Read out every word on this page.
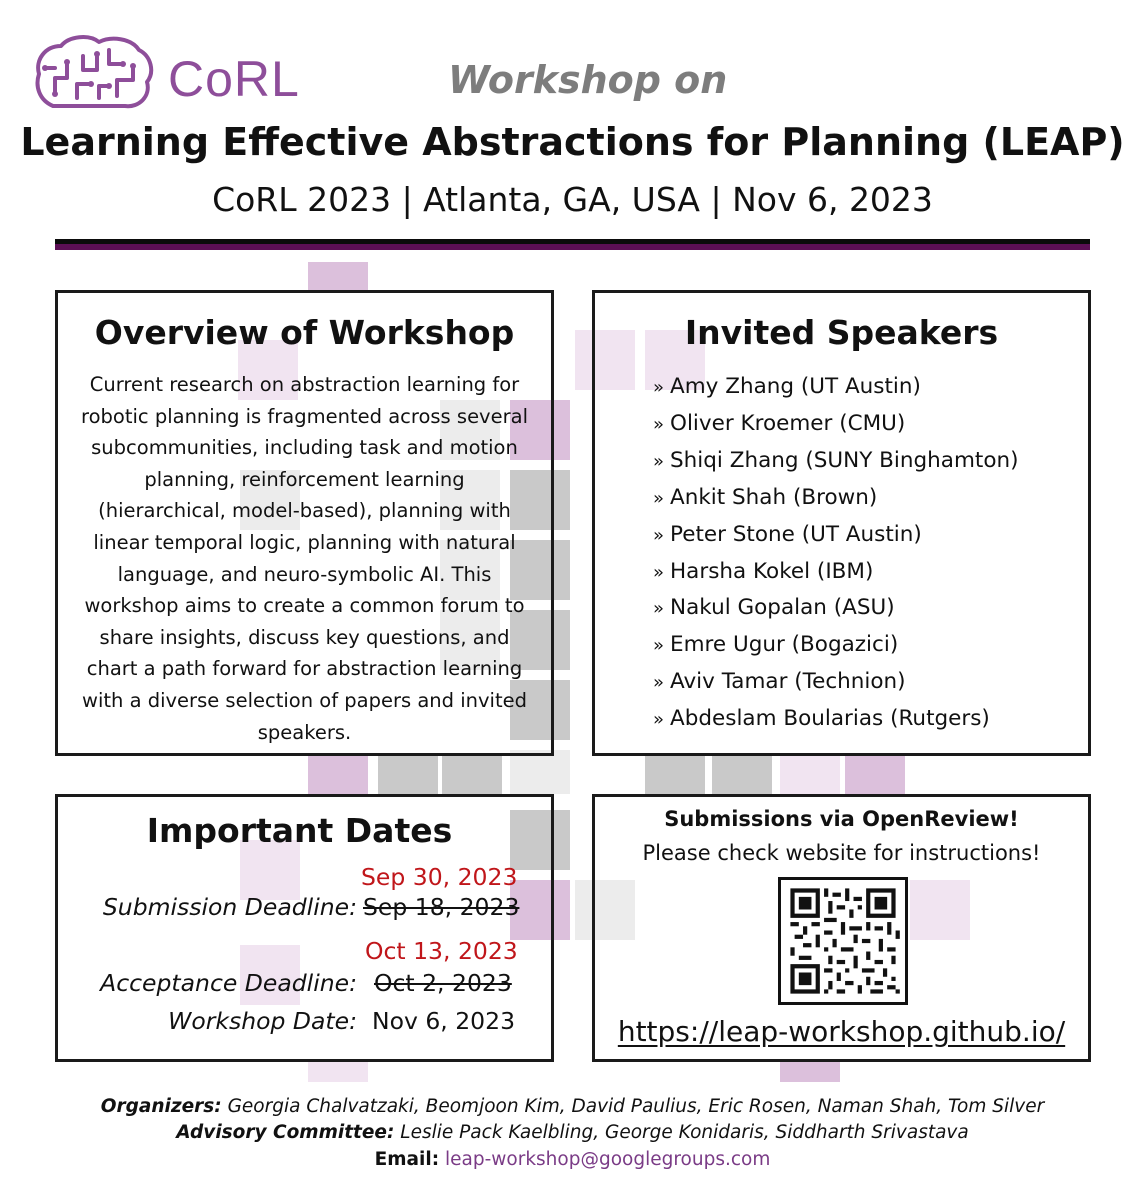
CoRL	Workshop on
Learning Effective Abstractions for Planning (LEAP)
CoRL 2023 | Atlanta, GA, USA | Nov 6, 2023
Overview of Workshop
Current research on abstraction learning for robotic planning is fragmented across several subcommunities, including task and motion planning, reinforcement learning (hierarchical, model-based), planning with linear temporal logic, planning with natural language, and neuro-symbolic AI. This workshop aims to create a common forum to share insights, discuss key questions, and chart a path forward for abstraction learning with a diverse selection of papers and invited speakers.
Invited Speakers
» Amy Zhang (UT Austin)
» Oliver Kroemer (CMU)
» Shiqi Zhang (SUNY Binghamton)
» Ankit Shah (Brown)
» Peter Stone (UT Austin)
» Harsha Kokel (IBM)
» Nakul Gopalan (ASU)
» Emre Ugur (Bogazici)
» Aviv Tamar (Technion)
» Abdeslam Boularias (Rutgers)
Important Dates
Sep 30, 2023
Submission Deadline: Sep 18, 2023
Oct 13, 2023
Acceptance Deadline: Oct 2, 2023
Workshop Date: Nov 6, 2023
Submissions via OpenReview!
Please check website for instructions!
https://leap-workshop.github.io/
Organizers: Georgia Chalvatzaki, Beomjoon Kim, David Paulius, Eric Rosen, Naman Shah, Tom Silver
Advisory Committee: Leslie Pack Kaelbling, George Konidaris, Siddharth Srivastava
Email: leap-workshop@googlegroups.com
